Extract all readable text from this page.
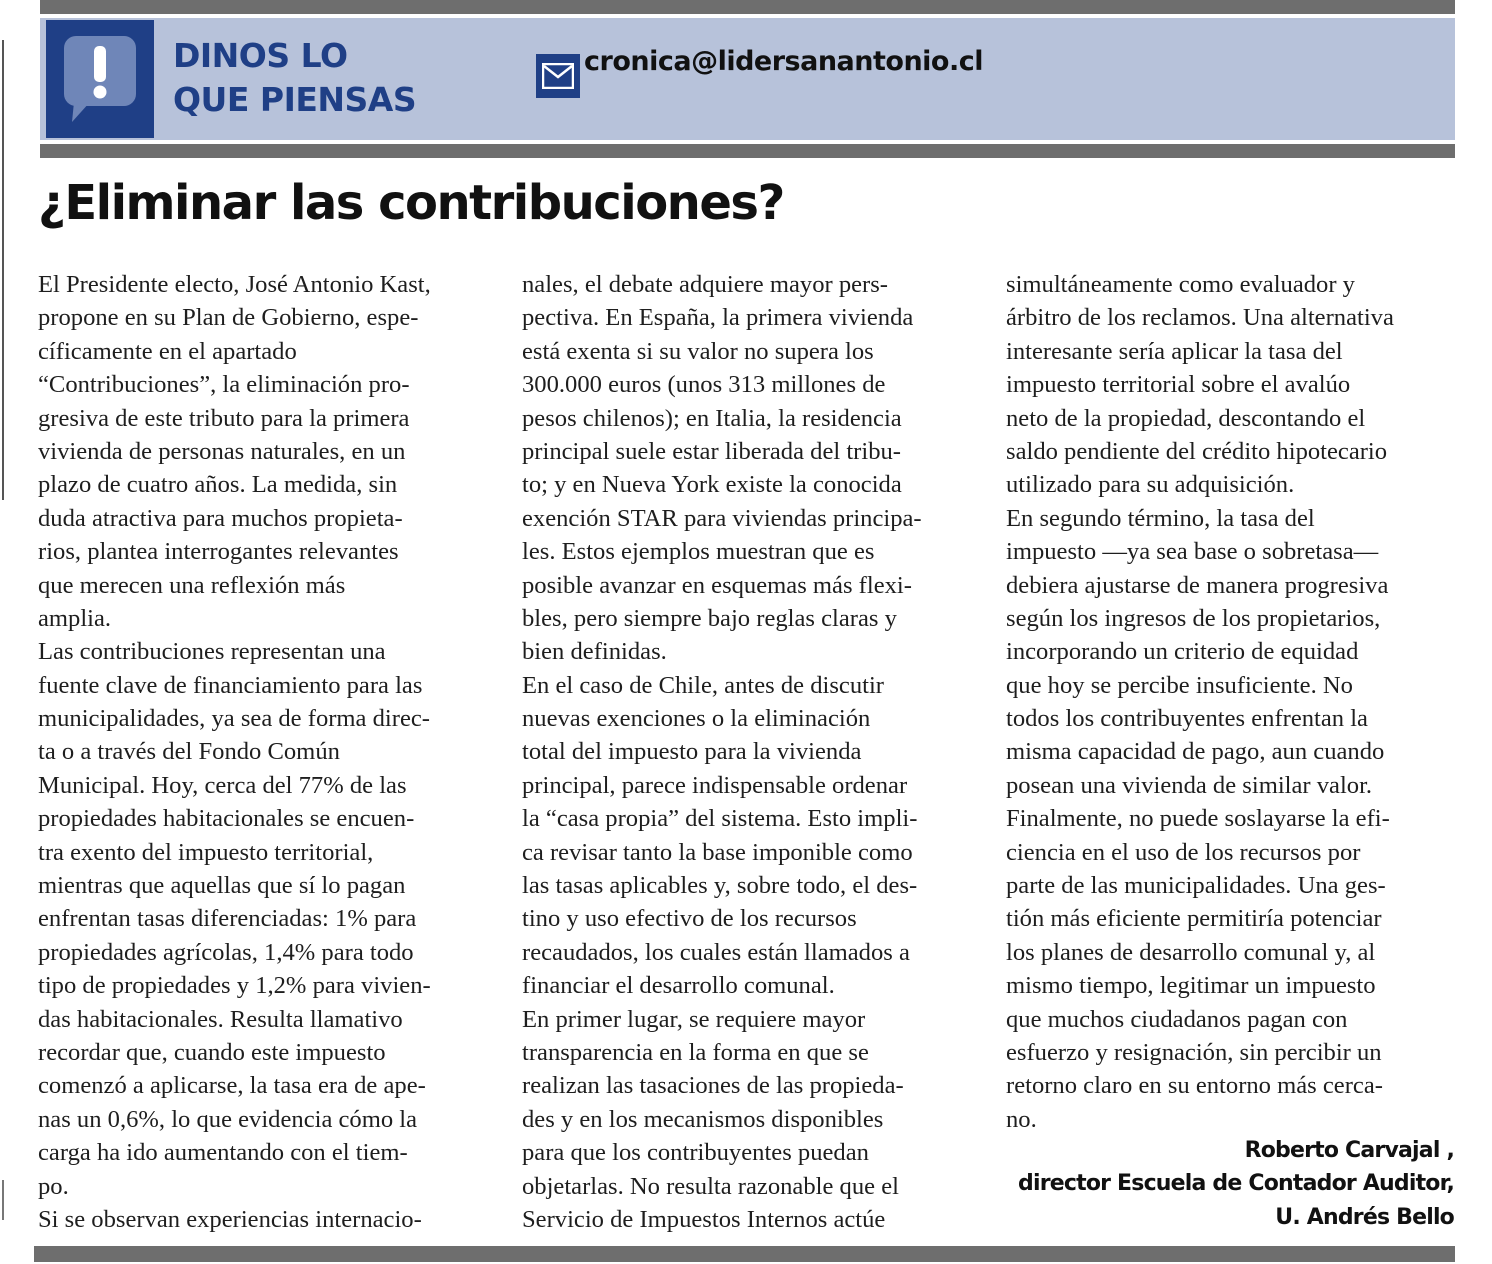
DINOS LO
QUE PIENSAS
cronica@lidersanantonio.cl
¿Eliminar las contribuciones?
El Presidente electo, José Antonio Kast,
propone en su Plan de Gobierno, espe-
cíficamente en el apartado
“Contribuciones”, la eliminación pro-
gresiva de este tributo para la primera
vivienda de personas naturales, en un
plazo de cuatro años. La medida, sin
duda atractiva para muchos propieta-
rios, plantea interrogantes relevantes
que merecen una reflexión más
amplia.
Las contribuciones representan una
fuente clave de financiamiento para las
municipalidades, ya sea de forma direc-
ta o a través del Fondo Común
Municipal. Hoy, cerca del 77% de las
propiedades habitacionales se encuen-
tra exento del impuesto territorial,
mientras que aquellas que sí lo pagan
enfrentan tasas diferenciadas: 1% para
propiedades agrícolas, 1,4% para todo
tipo de propiedades y 1,2% para vivien-
das habitacionales. Resulta llamativo
recordar que, cuando este impuesto
comenzó a aplicarse, la tasa era de ape-
nas un 0,6%, lo que evidencia cómo la
carga ha ido aumentando con el tiem-
po.
Si se observan experiencias internacio-
nales, el debate adquiere mayor pers-
pectiva. En España, la primera vivienda
está exenta si su valor no supera los
300.000 euros (unos 313 millones de
pesos chilenos); en Italia, la residencia
principal suele estar liberada del tribu-
to; y en Nueva York existe la conocida
exención STAR para viviendas principa-
les. Estos ejemplos muestran que es
posible avanzar en esquemas más flexi-
bles, pero siempre bajo reglas claras y
bien definidas.
En el caso de Chile, antes de discutir
nuevas exenciones o la eliminación
total del impuesto para la vivienda
principal, parece indispensable ordenar
la “casa propia” del sistema. Esto impli-
ca revisar tanto la base imponible como
las tasas aplicables y, sobre todo, el des-
tino y uso efectivo de los recursos
recaudados, los cuales están llamados a
financiar el desarrollo comunal.
En primer lugar, se requiere mayor
transparencia en la forma en que se
realizan las tasaciones de las propieda-
des y en los mecanismos disponibles
para que los contribuyentes puedan
objetarlas. No resulta razonable que el
Servicio de Impuestos Internos actúe
simultáneamente como evaluador y
árbitro de los reclamos. Una alternativa
interesante sería aplicar la tasa del
impuesto territorial sobre el avalúo
neto de la propiedad, descontando el
saldo pendiente del crédito hipotecario
utilizado para su adquisición.
En segundo término, la tasa del
impuesto —ya sea base o sobretasa—
debiera ajustarse de manera progresiva
según los ingresos de los propietarios,
incorporando un criterio de equidad
que hoy se percibe insuficiente. No
todos los contribuyentes enfrentan la
misma capacidad de pago, aun cuando
posean una vivienda de similar valor.
Finalmente, no puede soslayarse la efi-
ciencia en el uso de los recursos por
parte de las municipalidades. Una ges-
tión más eficiente permitiría potenciar
los planes de desarrollo comunal y, al
mismo tiempo, legitimar un impuesto
que muchos ciudadanos pagan con
esfuerzo y resignación, sin percibir un
retorno claro en su entorno más cerca-
no.
Roberto Carvajal ,
director Escuela de Contador Auditor,
U. Andrés Bello
